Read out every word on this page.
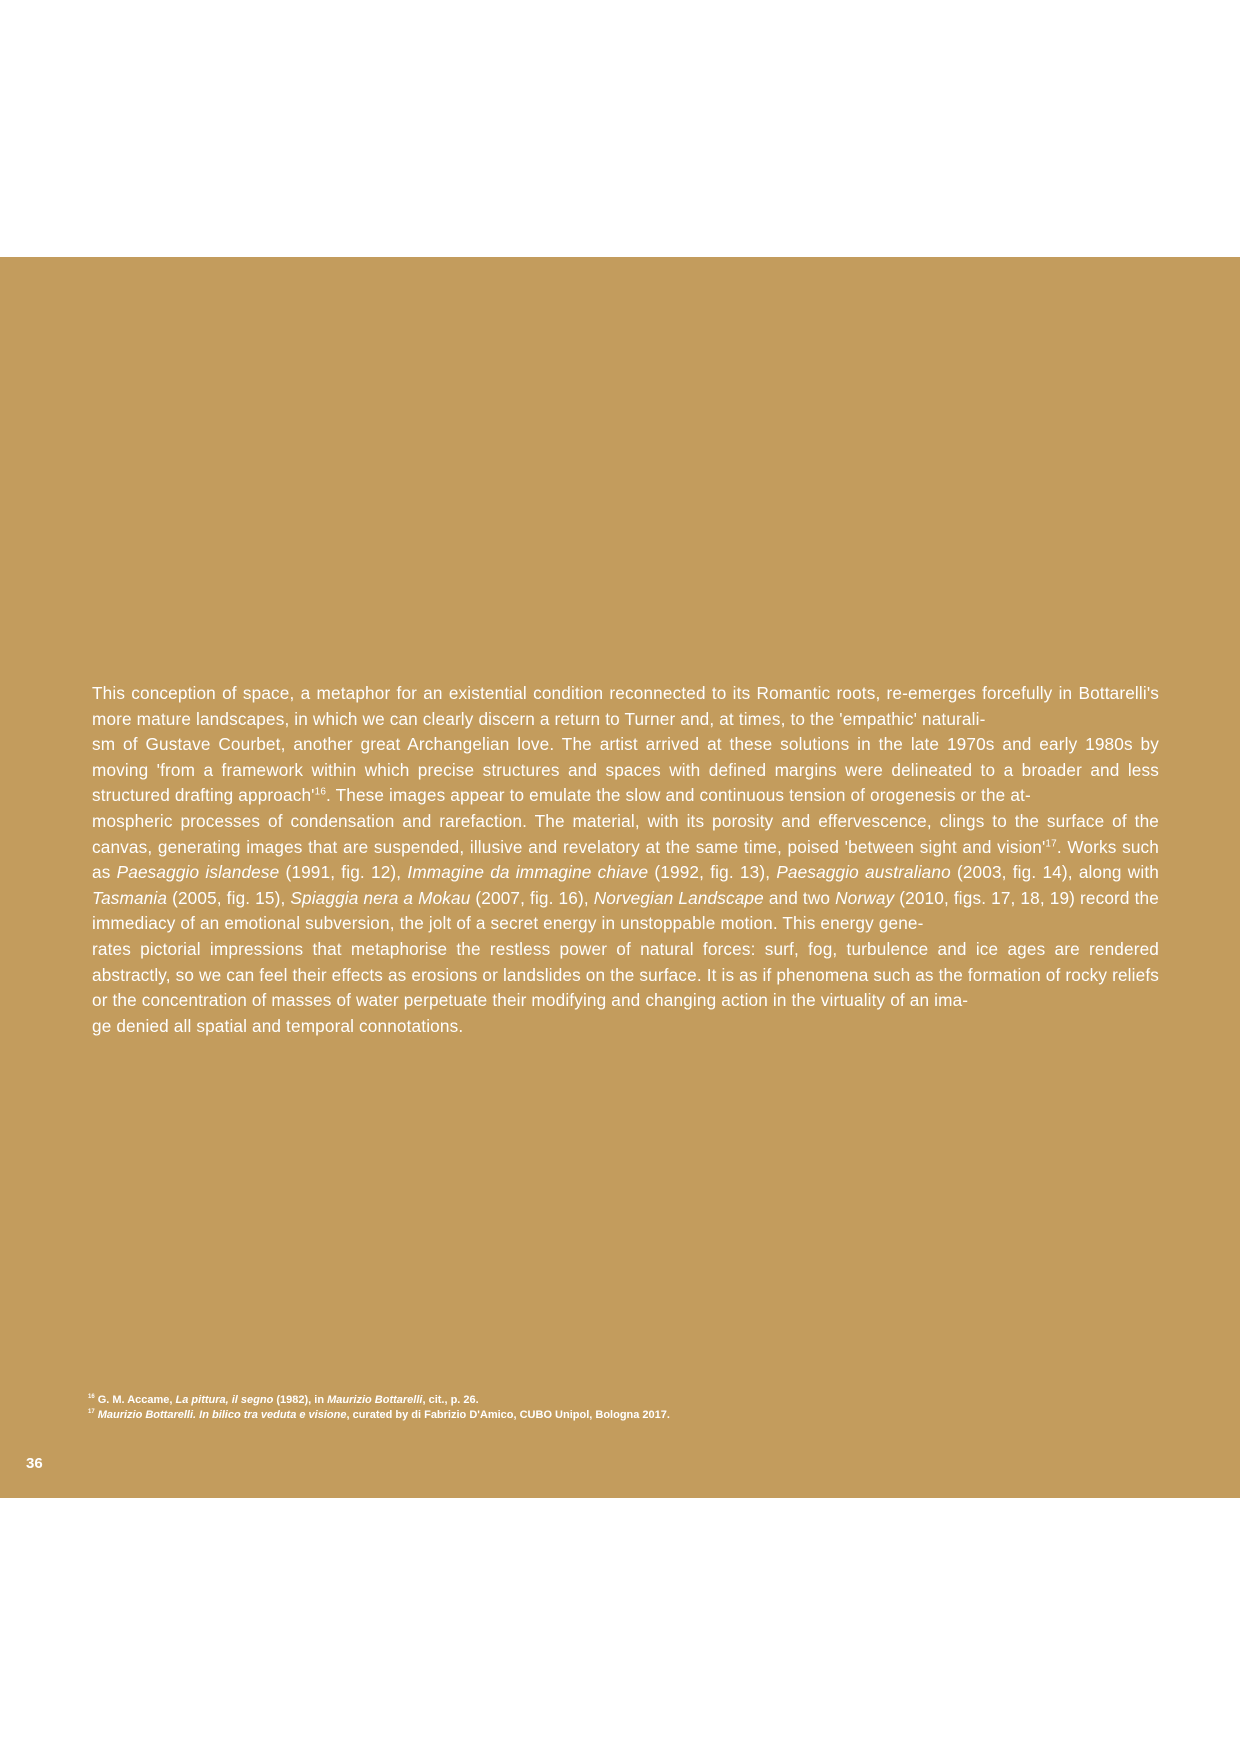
This conception of space, a metaphor for an existential condition reconnected to its Romantic roots, re-emerges forcefully in Bottarelli's more mature landscapes, in which we can clearly discern a return to Turner and, at times, to the 'empathic' naturali-
sm of Gustave Courbet, another great Archangelian love. The artist arrived at these solutions in the late 1970s and early 1980s by moving 'from a framework within which precise structures and spaces with defined margins were delineated to a broader and less structured drafting $approach'^{16}$. These images appear to emulate the slow and continuous tension of orogenesis or the at-
mospheric processes of condensation and rarefaction. The material, with its porosity and effervescence, clings to the surface of the canvas, generating images that are suspended, illusive and revelatory at the same time, poised 'between sight and $vision'^{17}$. Works such as Paesaggio islandese (1991, fig. 12), Immagine da immagine chiave (1992, fig. 13), Paesaggio australiano (2003, fig. 14), along with Tasmania (2005, fig. 15), Spiaggia nera a Mokau (2007, fig. 16), Norvegian Landscape and two Norway (2010, figs. 17, 18, 19) record the immediacy of an emotional subversion, the jolt of a secret energy in unstoppable motion. This energy gene-
rates pictorial impressions that metaphorise the restless power of natural forces: surf, fog, turbulence and ice ages are rendered abstractly, so we can feel their effects as erosions or landslides on the surface. It is as if phenomena such as the formation of rocky reliefs or the concentration of masses of water perpetuate their modifying and changing action in the virtuality of an ima-
ge denied all spatial and temporal connotations.

$^{16}$ G. M. Accame, La pittura, il segno (1982), in Maurizio Bottarelli, cit., p. 26.
$^{17}$ Maurizio Bottarelli. In bilico tra veduta e visione, curated by di Fabrizio D'Amico, CUBO Unipol, Bologna 2017.
36
